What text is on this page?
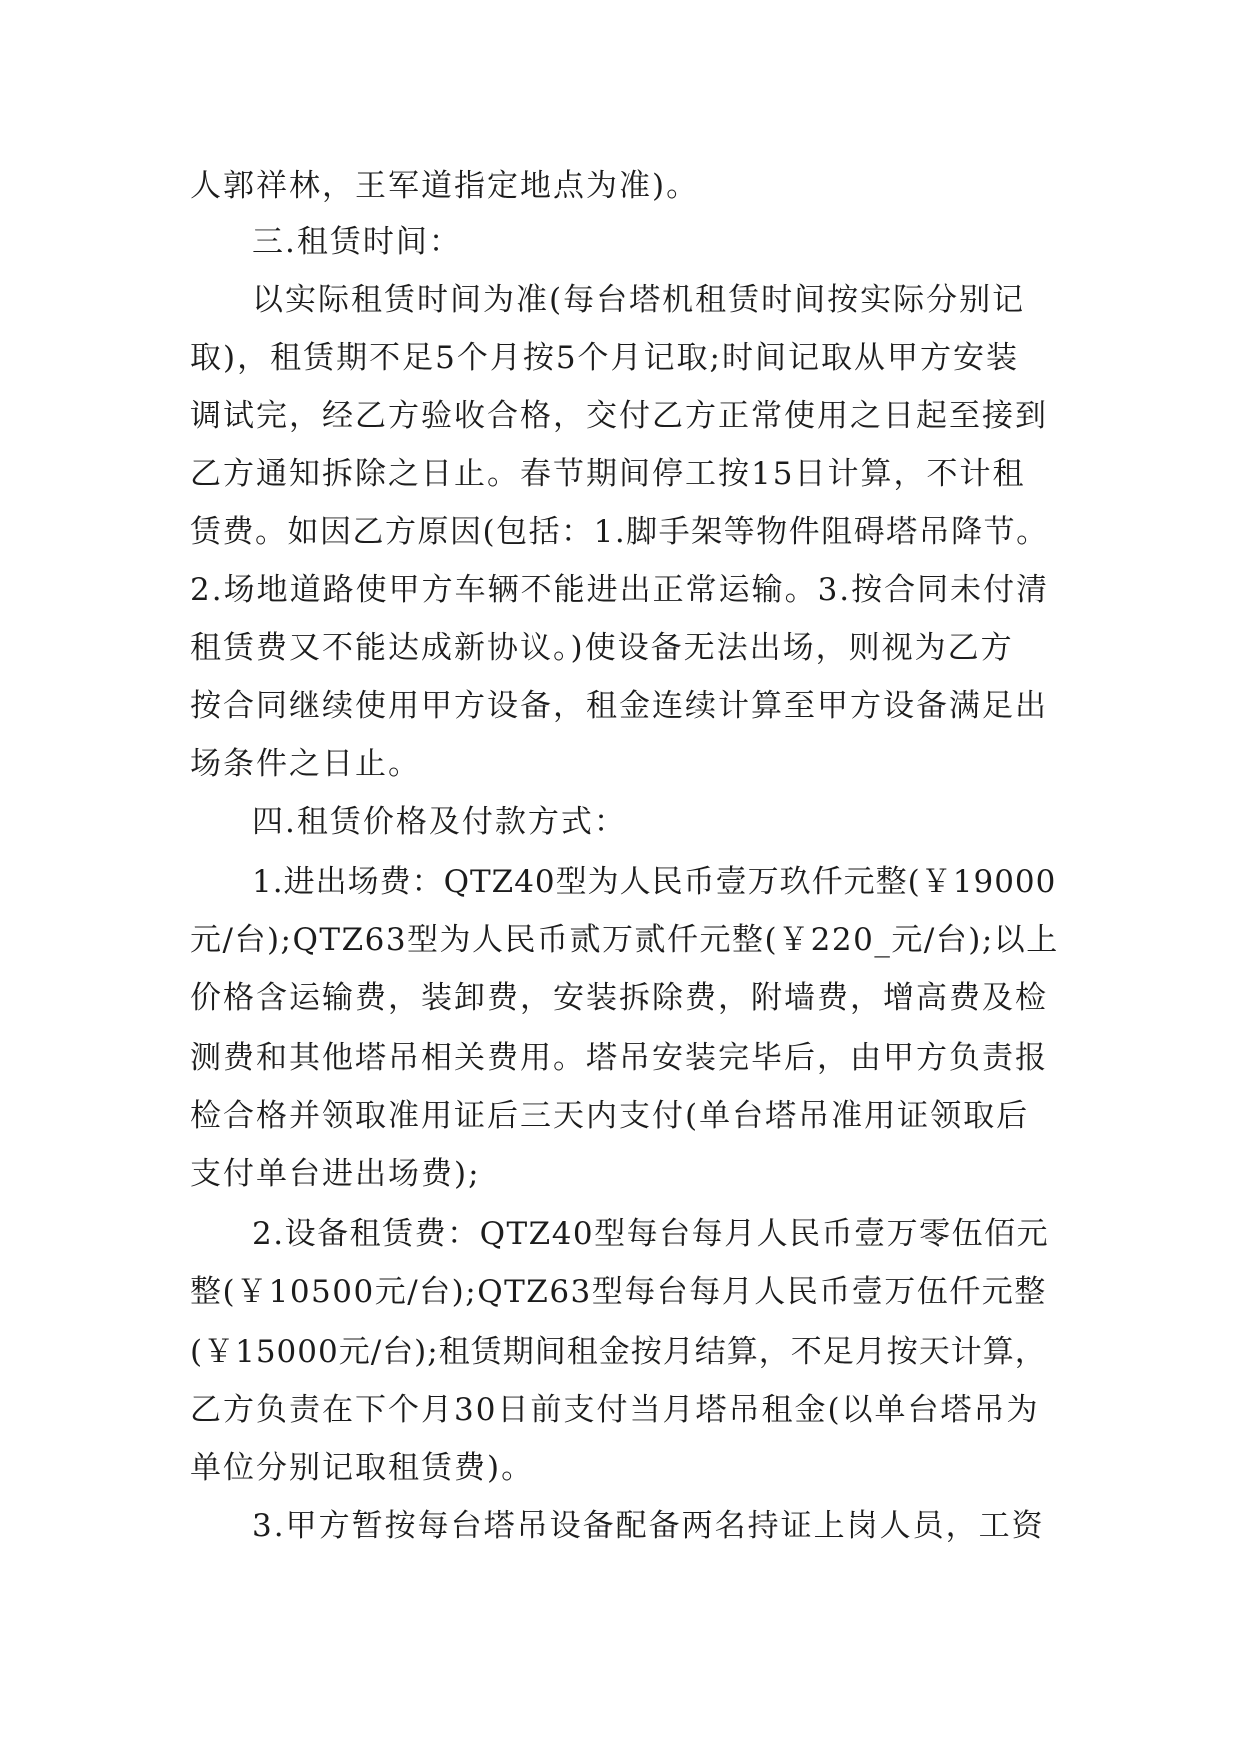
人郭祥林，王军道指定地点为准)。
三.租赁时间：
以实际租赁时间为准(每台塔机租赁时间按实际分别记
取)，租赁期不足5个月按5个月记取;时间记取从甲方安装
调试完，经乙方验收合格，交付乙方正常使用之日起至接到
乙方通知拆除之日止。春节期间停工按15日计算，不计租
赁费。如因乙方原因(包括：1.脚手架等物件阻碍塔吊降节。
2.场地道路使甲方车辆不能进出正常运输。3.按合同未付清
租赁费又不能达成新协议。)使设备无法出场，则视为乙方
按合同继续使用甲方设备，租金连续计算至甲方设备满足出
场条件之日止。
四.租赁价格及付款方式：
1.进出场费：QTZ40型为人民币壹万玖仟元整(￥19000
元/台);QTZ63型为人民币贰万贰仟元整(￥220_元/台);以上
价格含运输费，装卸费，安装拆除费，附墙费，增高费及检
测费和其他塔吊相关费用。塔吊安装完毕后，由甲方负责报
检合格并领取准用证后三天内支付(单台塔吊准用证领取后
支付单台进出场费);
2.设备租赁费：QTZ40型每台每月人民币壹万零伍佰元
整(￥10500元/台);QTZ63型每台每月人民币壹万伍仟元整
(￥15000元/台);租赁期间租金按月结算，不足月按天计算，
乙方负责在下个月30日前支付当月塔吊租金(以单台塔吊为
单位分别记取租赁费)。
3.甲方暂按每台塔吊设备配备两名持证上岗人员，工资
